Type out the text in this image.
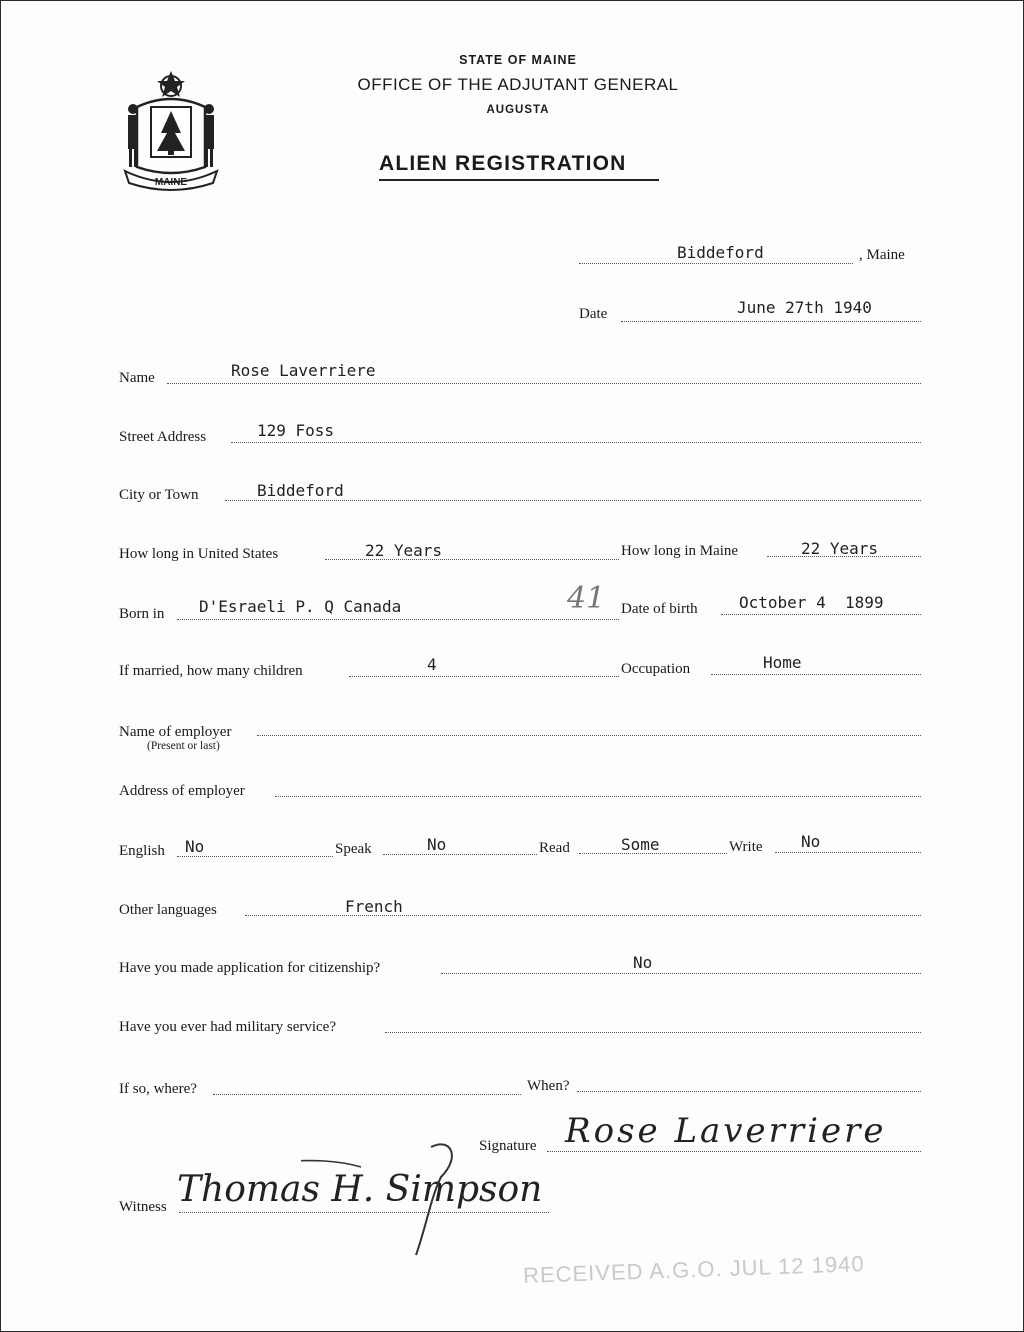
MAINE
STATE OF MAINE
OFFICE OF THE ADJUTANT GENERAL
AUGUSTA
ALIEN REGISTRATION
Biddeford	, Maine
Date	June 27th 1940
Name	Rose Laverriere
Street Address	129 Foss
City or Town	Biddeford
How long in United States	22 Years	How long in Maine	22 Years
Born in D'Esraeli P. Q Canada	41 Date of birth	October 4  1899
If married, how many children	4	Occupation	Home
Name of employer
(Present or last)
Address of employer
English No	Speak	No	Read	Some	Write No
Other languages	French
Have you made application for citizenship?	No
Have you ever had military service?
If so, where?	When?
Signature Rose Laverriere
Witness Thomas H. Simpson
RECEIVED A.G.O. JUL 12 1940
